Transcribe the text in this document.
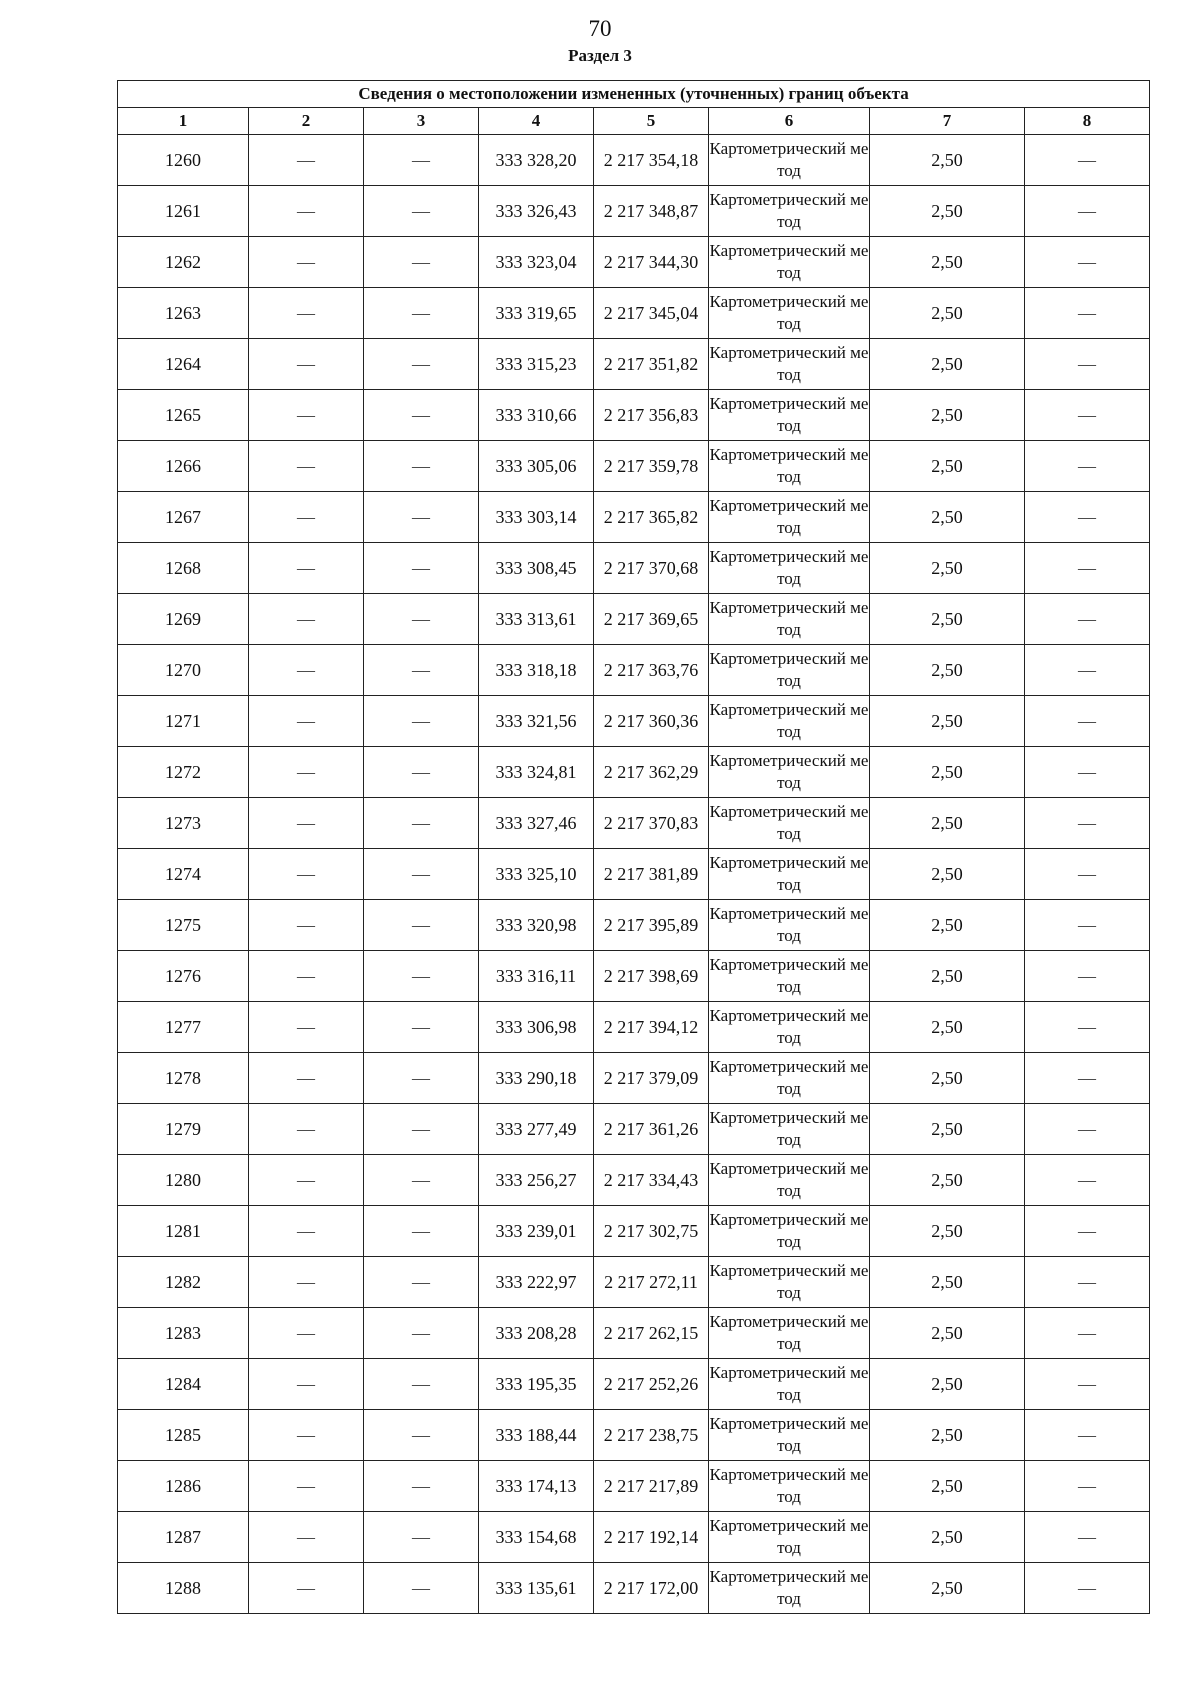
70
Раздел 3
Сведения о местоположении измененных (уточненных) границ объекта							
1	2	3	4	5	6	7	8
1260	—	—	333 328,20	2 217 354,18	Картометрический метод	2,50	—
1261	—	—	333 326,43	2 217 348,87	Картометрический метод	2,50	—
1262	—	—	333 323,04	2 217 344,30	Картометрический метод	2,50	—
1263	—	—	333 319,65	2 217 345,04	Картометрический метод	2,50	—
1264	—	—	333 315,23	2 217 351,82	Картометрический метод	2,50	—
1265	—	—	333 310,66	2 217 356,83	Картометрический метод	2,50	—
1266	—	—	333 305,06	2 217 359,78	Картометрический метод	2,50	—
1267	—	—	333 303,14	2 217 365,82	Картометрический метод	2,50	—
1268	—	—	333 308,45	2 217 370,68	Картометрический метод	2,50	—
1269	—	—	333 313,61	2 217 369,65	Картометрический метод	2,50	—
1270	—	—	333 318,18	2 217 363,76	Картометрический метод	2,50	—
1271	—	—	333 321,56	2 217 360,36	Картометрический метод	2,50	—
1272	—	—	333 324,81	2 217 362,29	Картометрический метод	2,50	—
1273	—	—	333 327,46	2 217 370,83	Картометрический метод	2,50	—
1274	—	—	333 325,10	2 217 381,89	Картометрический метод	2,50	—
1275	—	—	333 320,98	2 217 395,89	Картометрический метод	2,50	—
1276	—	—	333 316,11	2 217 398,69	Картометрический метод	2,50	—
1277	—	—	333 306,98	2 217 394,12	Картометрический метод	2,50	—
1278	—	—	333 290,18	2 217 379,09	Картометрический метод	2,50	—
1279	—	—	333 277,49	2 217 361,26	Картометрический метод	2,50	—
1280	—	—	333 256,27	2 217 334,43	Картометрический метод	2,50	—
1281	—	—	333 239,01	2 217 302,75	Картометрический метод	2,50	—
1282	—	—	333 222,97	2 217 272,11	Картометрический метод	2,50	—
1283	—	—	333 208,28	2 217 262,15	Картометрический метод	2,50	—
1284	—	—	333 195,35	2 217 252,26	Картометрический метод	2,50	—
1285	—	—	333 188,44	2 217 238,75	Картометрический метод	2,50	—
1286	—	—	333 174,13	2 217 217,89	Картометрический метод	2,50	—
1287	—	—	333 154,68	2 217 192,14	Картометрический метод	2,50	—
1288	—	—	333 135,61	2 217 172,00	Картометрический метод	2,50	—
